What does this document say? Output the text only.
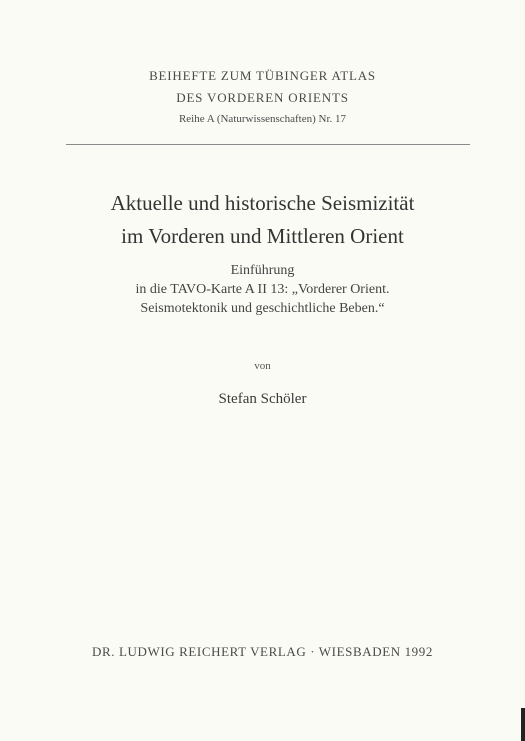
BEIHEFTE ZUM TÜBINGER ATLAS
DES VORDEREN ORIENTS
Reihe A (Naturwissenschaften) Nr. 17
Aktuelle und historische Seismizität
im Vorderen und Mittleren Orient
Einführung
in die TAVO-Karte A II 13: „Vorderer Orient.
Seismotektonik und geschichtliche Beben.“
von
Stefan Schöler
DR. LUDWIG REICHERT VERLAG · WIESBADEN 1992
